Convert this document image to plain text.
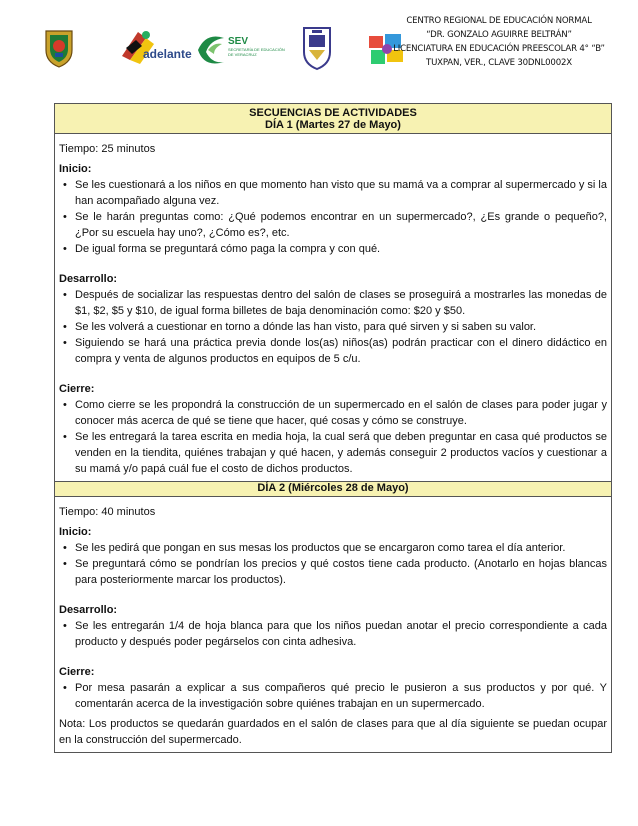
adelante
SEV
SECRETARÍA DE EDUCACIÓN DE VERACRUZ
CENTRO REGIONAL DE EDUCACIÓN NORMAL
“DR. GONZALO AGUIRRE BELTRÁN”
LICENCIATURA EN EDUCACIÓN PREESCOLAR 4° “B”
TUXPAN, VER., CLAVE 30DNL0002X
SECUENCIAS DE ACTIVIDADES
DÍA 1 (Martes 27 de Mayo)

Tiempo: 25 minutos

Inicio:

• Se les cuestionará a los niños en que momento han visto que su mamá va a comprar al supermercado y si la han acompañado alguna vez.
• Se le harán preguntas como: ¿Qué podemos encontrar en un supermercado?, ¿Es grande o pequeño?, ¿Por su escuela hay uno?, ¿Cómo es?, etc.
• De igual forma se preguntará cómo paga la compra y con qué.

Desarrollo:

• Después de socializar las respuestas dentro del salón de clases se proseguirá a mostrarles las monedas de $1, $2, $5 y $10, de igual forma billetes de baja denominación como: $20 y $50.
• Se les volverá a cuestionar en torno a dónde las han visto, para qué sirven y si saben su valor.
• Siguiendo se hará una práctica previa donde los(as) niños(as) podrán practicar con el dinero didáctico en compra y venta de algunos productos en equipos de 5 c/u.

Cierre:

• Como cierre se les propondrá la construcción de un supermercado en el salón de clases para poder jugar y conocer más acerca de qué se tiene que hacer, qué cosas y cómo se construye.
• Se les entregará la tarea escrita en media hoja, la cual será que deben preguntar en casa qué productos se venden en la tiendita, quiénes trabajan y qué hacen, y además conseguir 2 productos vacíos y cuestionar a su mamá y/o papá cuál fue el costo de dichos productos.
DÍA 2 (Miércoles 28 de Mayo)

Tiempo: 40 minutos

Inicio:

• Se les pedirá que pongan en sus mesas los productos que se encargaron como tarea el día anterior.
• Se preguntará cómo se pondrían los precios y qué costos tiene cada producto. (Anotarlo en hojas blancas para posteriormente marcar los productos).

Desarrollo:

• Se les entregarán 1/4 de hoja blanca para que los niños puedan anotar el precio correspondiente a cada producto y después poder pegárselos con cinta adhesiva.

Cierre:

• Por mesa pasarán a explicar a sus compañeros qué precio le pusieron a sus productos y por qué. Y comentarán acerca de la investigación sobre quiénes trabajan en un supermercado.

Nota: Los productos se quedarán guardados en el salón de clases para que al día siguiente se puedan ocupar en la construcción del supermercado.
